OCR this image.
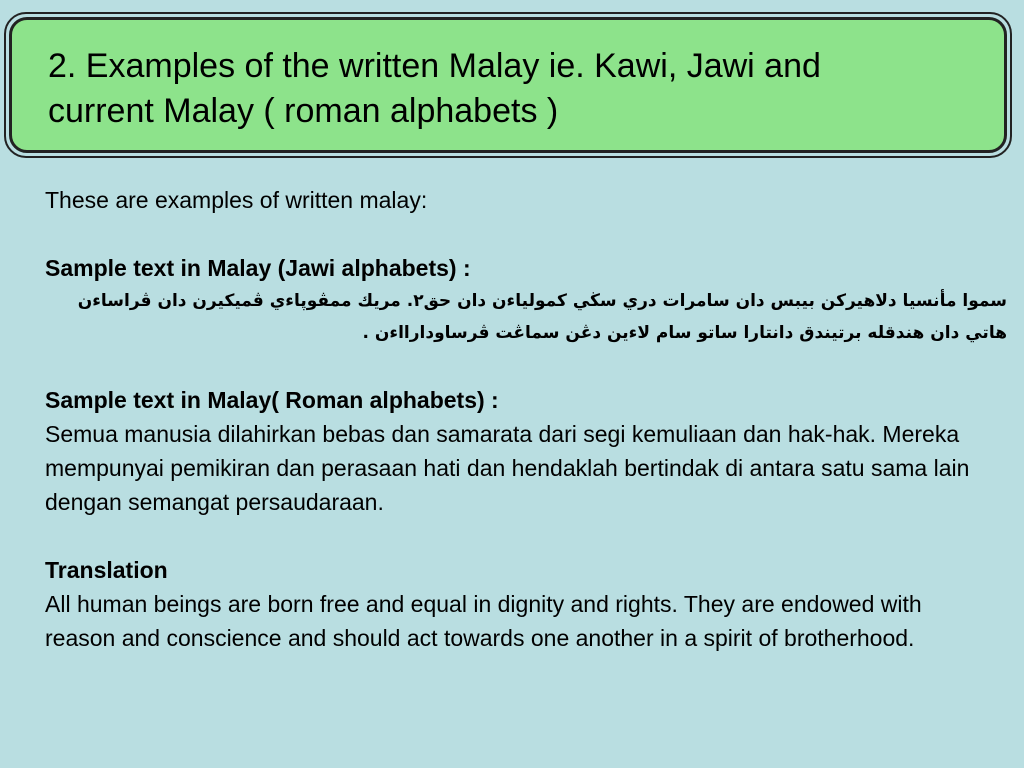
2. Examples of the written Malay ie. Kawi, Jawi and
current Malay ( roman alphabets )

These are examples of written malay:

Sample text in Malay (Jawi alphabets) :

سموا مأنسيا دلاهيركن بيبس دان سامرات دري سڬي كمولياءن دان حق٢. مريك ممڤوڽاءي ڤميكيرن دان ڤراساءن هاتي دان هندقله برتيندق دانتارا ساتو سام لاءين دڠن سماڠت ڤرساودارااءن .

Sample text in Malay( Roman alphabets) :

Semua manusia dilahirkan bebas dan samarata dari segi kemuliaan dan hak-hak. Mereka mempunyai pemikiran dan perasaan hati dan hendaklah bertindak di antara satu sama lain dengan semangat persaudaraan.

Translation

All human beings are born free and equal in dignity and rights. They are endowed with reason and conscience and should act towards one another in a spirit of brotherhood.
